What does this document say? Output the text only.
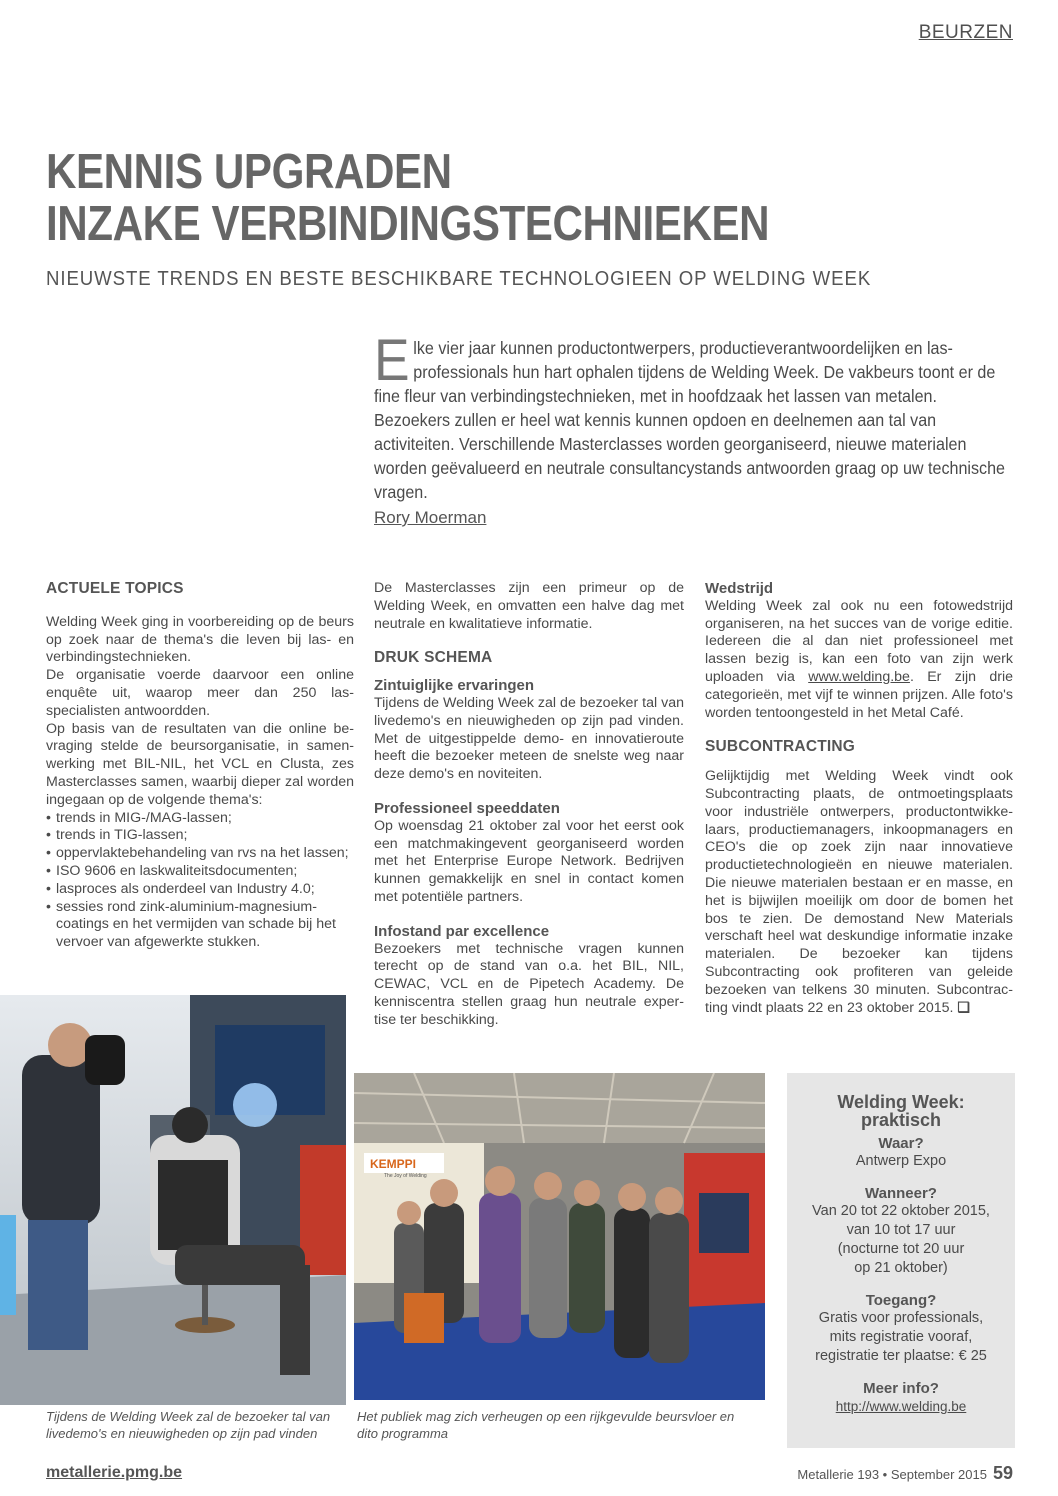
BEURZEN
KENNIS UPGRADEN
INZAKE VERBINDINGSTECHNIEKEN
NIEUWSTE TRENDS EN BESTE BESCHIKBARE TECHNOLOGIEEN OP WELDING WEEK
Elke vier jaar kunnen productontwerpers, productieverantwoordelijken en las- professionals hun hart ophalen tijdens de Welding Week. De vakbeurs toont er de fine fleur van verbindingstechnieken, met in hoofdzaak het lassen van metalen. Bezoekers zullen er heel wat kennis kunnen opdoen en deelnemen aan tal van activiteiten. Verschillende Masterclasses worden georganiseerd, nieuwe materialen worden geëvalueerd en neutrale consultancystands antwoorden graag op uw technische vragen.
Rory Moerman
ACTUELE TOPICS

Welding Week ging in voorbereiding op de beurs op zoek naar de thema's die leven bij las- en verbindingstechnieken.

De organisatie voerde daarvoor een online enquête uit, waarop meer dan 250 las- specialisten antwoordden.

Op basis van de resultaten van die online be- vraging stelde de beursorganisatie, in samen- werking met BIL-NIL, het VCL en Clusta, zes Masterclasses samen, waarbij dieper zal worden ingegaan op de volgende thema's:

• trends in MIG-/MAG-lassen;
• trends in TIG-lassen;
• oppervlaktebehandeling van rvs na het lassen;
• ISO 9606 en laskwaliteitsdocumenten;
• lasproces als onderdeel van Industry 4.0;
• sessies rond zink-aluminium-magnesium- coatings en het vermijden van schade bij het vervoer van afgewerkte stukken.

De Masterclasses zijn een primeur op de Welding Week, en omvatten een halve dag met neutrale en kwalitatieve informatie.

DRUK SCHEMA
Zintuiglijke ervaringen

Tijdens de Welding Week zal de bezoeker tal van livedemo's en nieuwigheden op zijn pad vinden. Met de uitgestippelde demo- en innovatieroute heeft die bezoeker meteen de snelste weg naar deze demo's en noviteiten.

Professioneel speeddaten

Op woensdag 21 oktober zal voor het eerst ook een matchmakingevent georganiseerd worden met het Enterprise Europe Network. Bedrijven kunnen gemakkelijk en snel in contact komen met potentiële partners.

Infostand par excellence

Bezoekers met technische vragen kunnen terecht op de stand van o.a. het BIL, NIL, CEWAC, VCL en de Pipetech Academy. De kenniscentra stellen graag hun neutrale exper- tise ter beschikking.

Wedstrijd

Welding Week zal ook nu een fotowedstrijd organiseren, na het succes van de vorige editie. Iedereen die al dan niet professioneel met lassen bezig is, kan een foto van zijn werk uploaden via www.welding.be. Er zijn drie categorieën, met vijf te winnen prijzen. Alle foto's worden tentoongesteld in het Metal Café.

SUBCONTRACTING

Gelijktijdig met Welding Week vindt ook Subcontracting plaats, de ontmoetingsplaats voor industriële ontwerpers, productontwikke- laars, productiemanagers, inkoopmanagers en CEO's die op zoek zijn naar innovatieve productietechnologieën en nieuwe materialen. Die nieuwe materialen bestaan er en masse, en het is bijwijlen moeilijk om door de bomen het bos te zien. De demostand New Materials verschaft heel wat deskundige informatie inzake materialen. De bezoeker kan tijdens Subcontracting ook profiteren van geleide bezoeken van telkens 30 minuten. Subcontrac- ting vindt plaats 22 en 23 oktober 2015. ❏

KEMPPI
The Joy of Welding
Tijdens de Welding Week zal de bezoeker tal van livedemo's en nieuwigheden op zijn pad vinden
Het publiek mag zich verheugen op een rijkgevulde beursvloer en dito programma
Welding Week: praktisch
Waar?
Antwerp Expo
Wanneer?
Van 20 tot 22 oktober 2015,
van 10 tot 17 uur
(nocturne tot 20 uur
op 21 oktober)
Toegang?
Gratis voor professionals,
mits registratie vooraf,
registratie ter plaatse: € 25
Meer info?
http://www.welding.be
metallerie.pmg.be	Metallerie 193 • September 2015 59
